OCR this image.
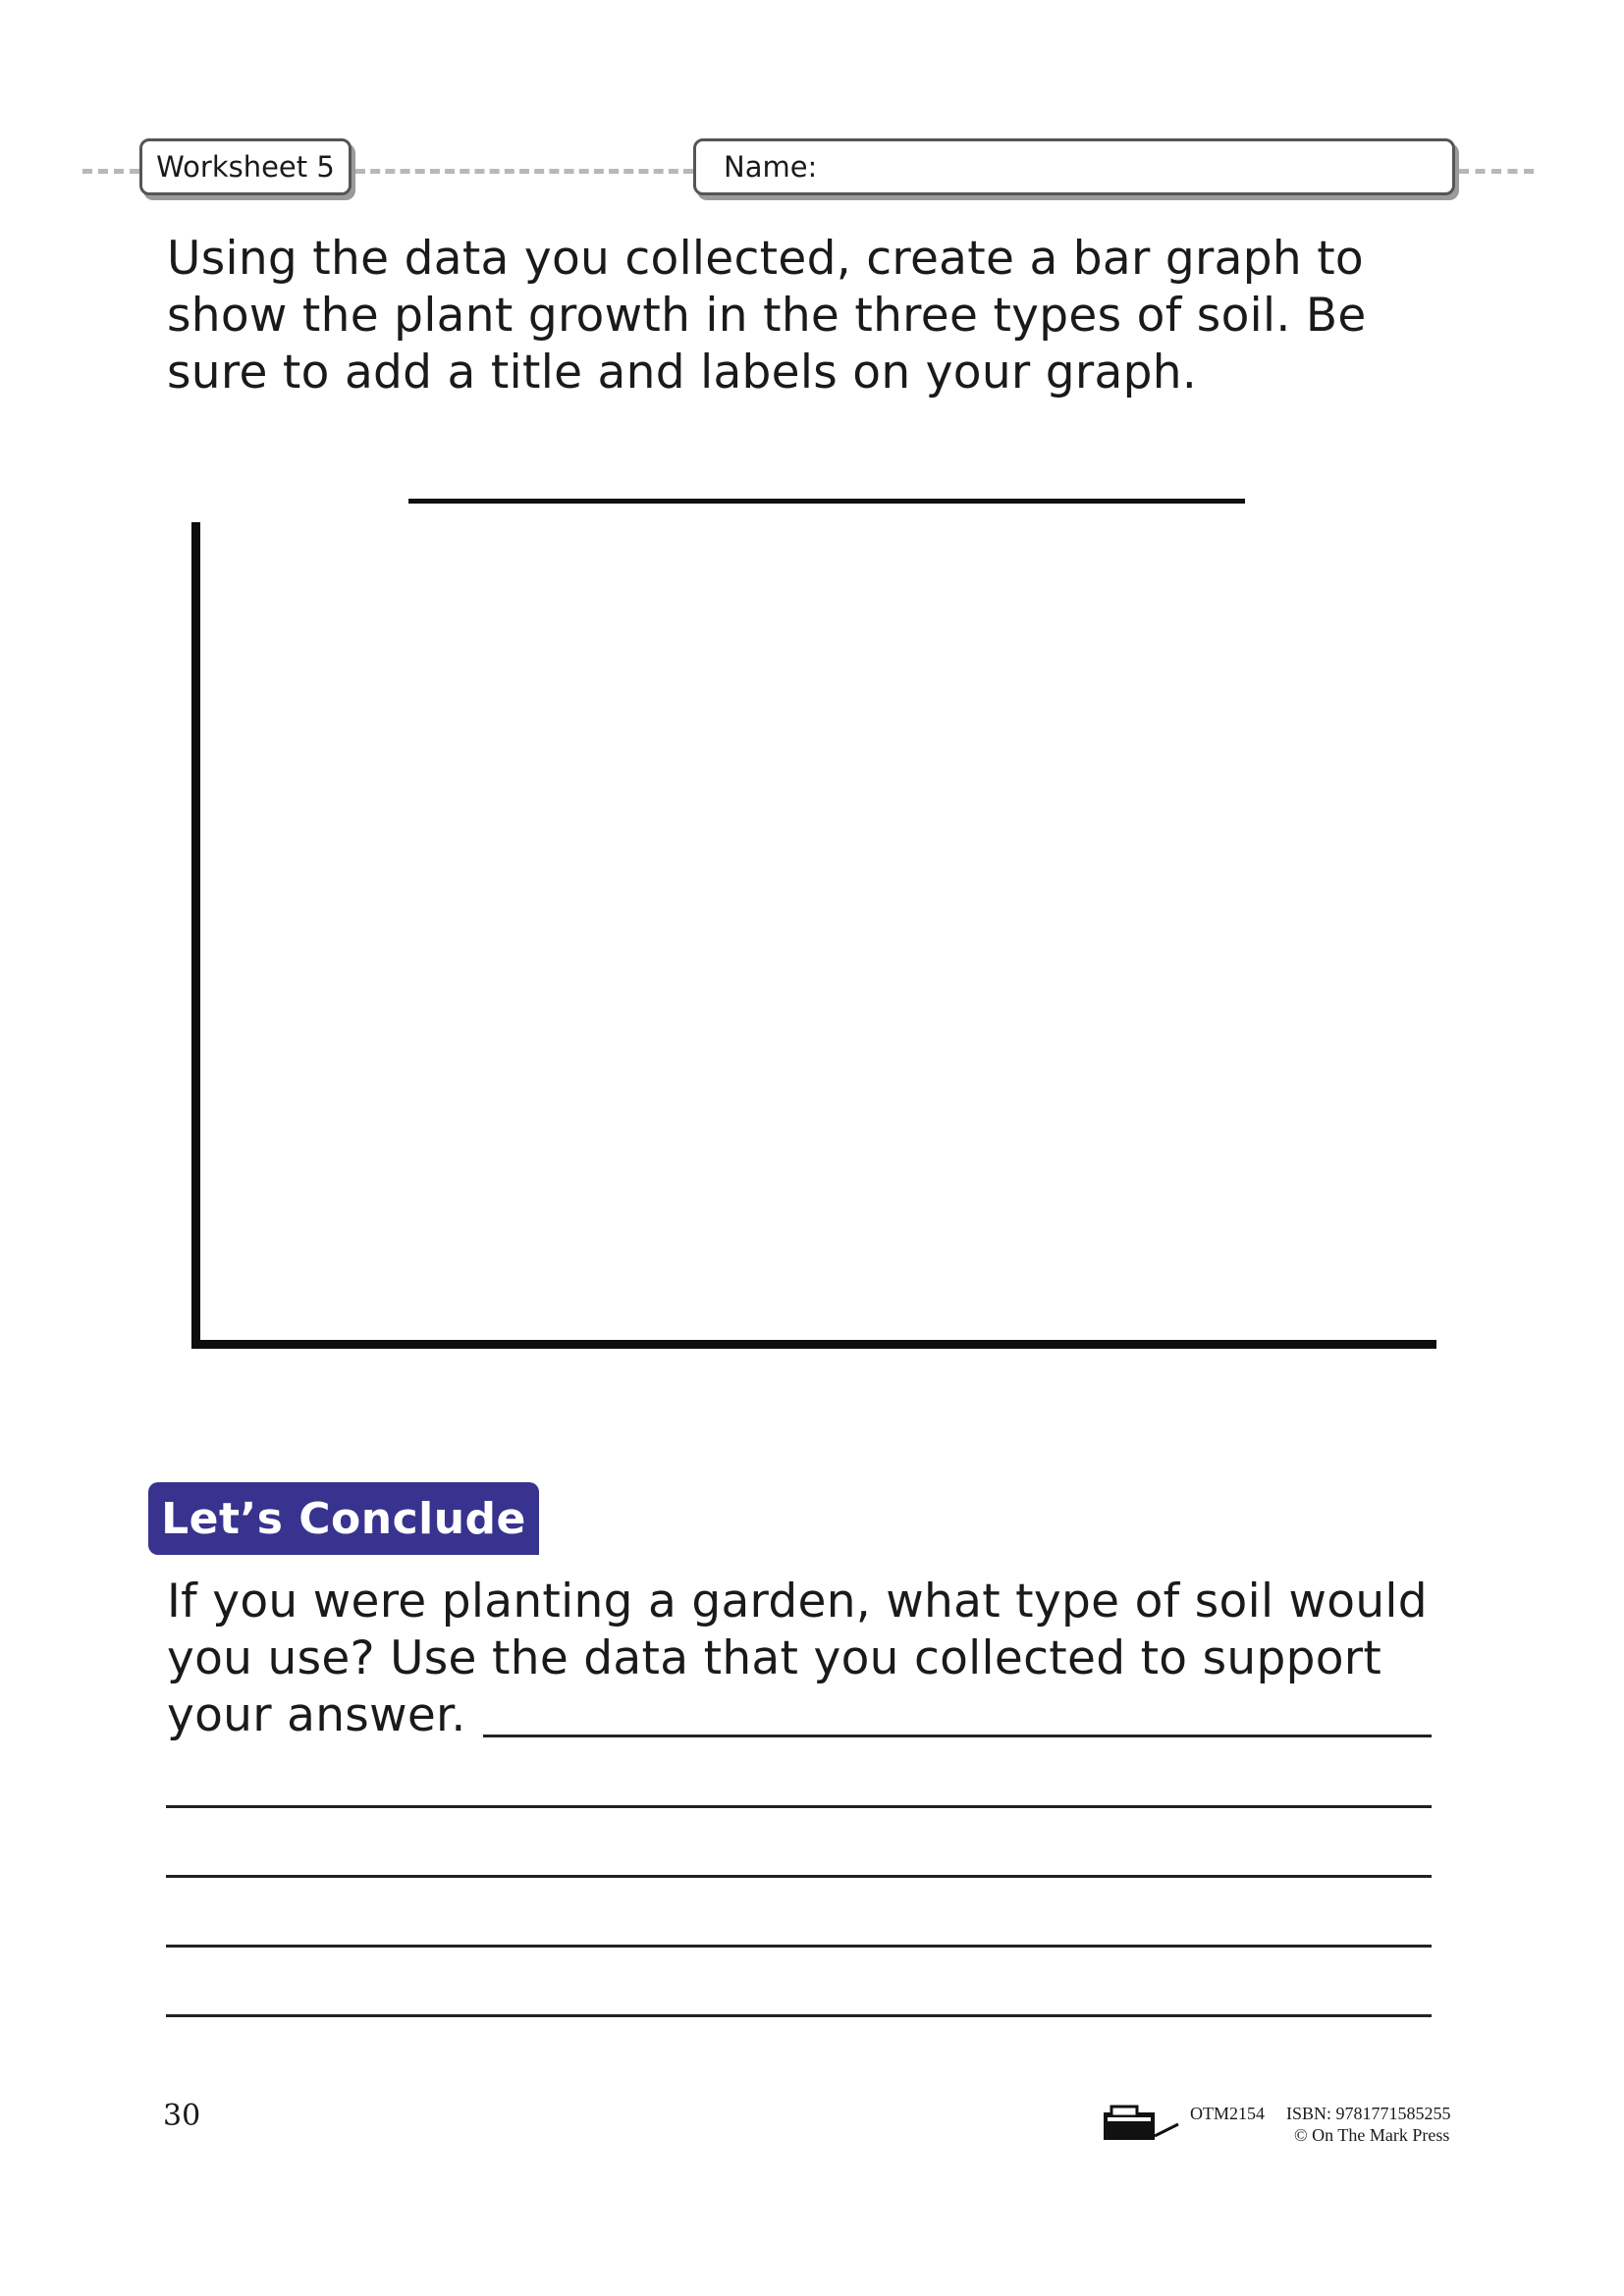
Worksheet 5	Name:

Using the data you collected, create a bar graph to show the plant growth in the three types of soil. Be sure to add a title and labels on your graph.

Let’s Conclude

If you were planting a garden, what type of soil would you use? Use the data that you collected to support your answer.

30	OTM2154 ISBN: 9781771585255
© On The Mark Press
